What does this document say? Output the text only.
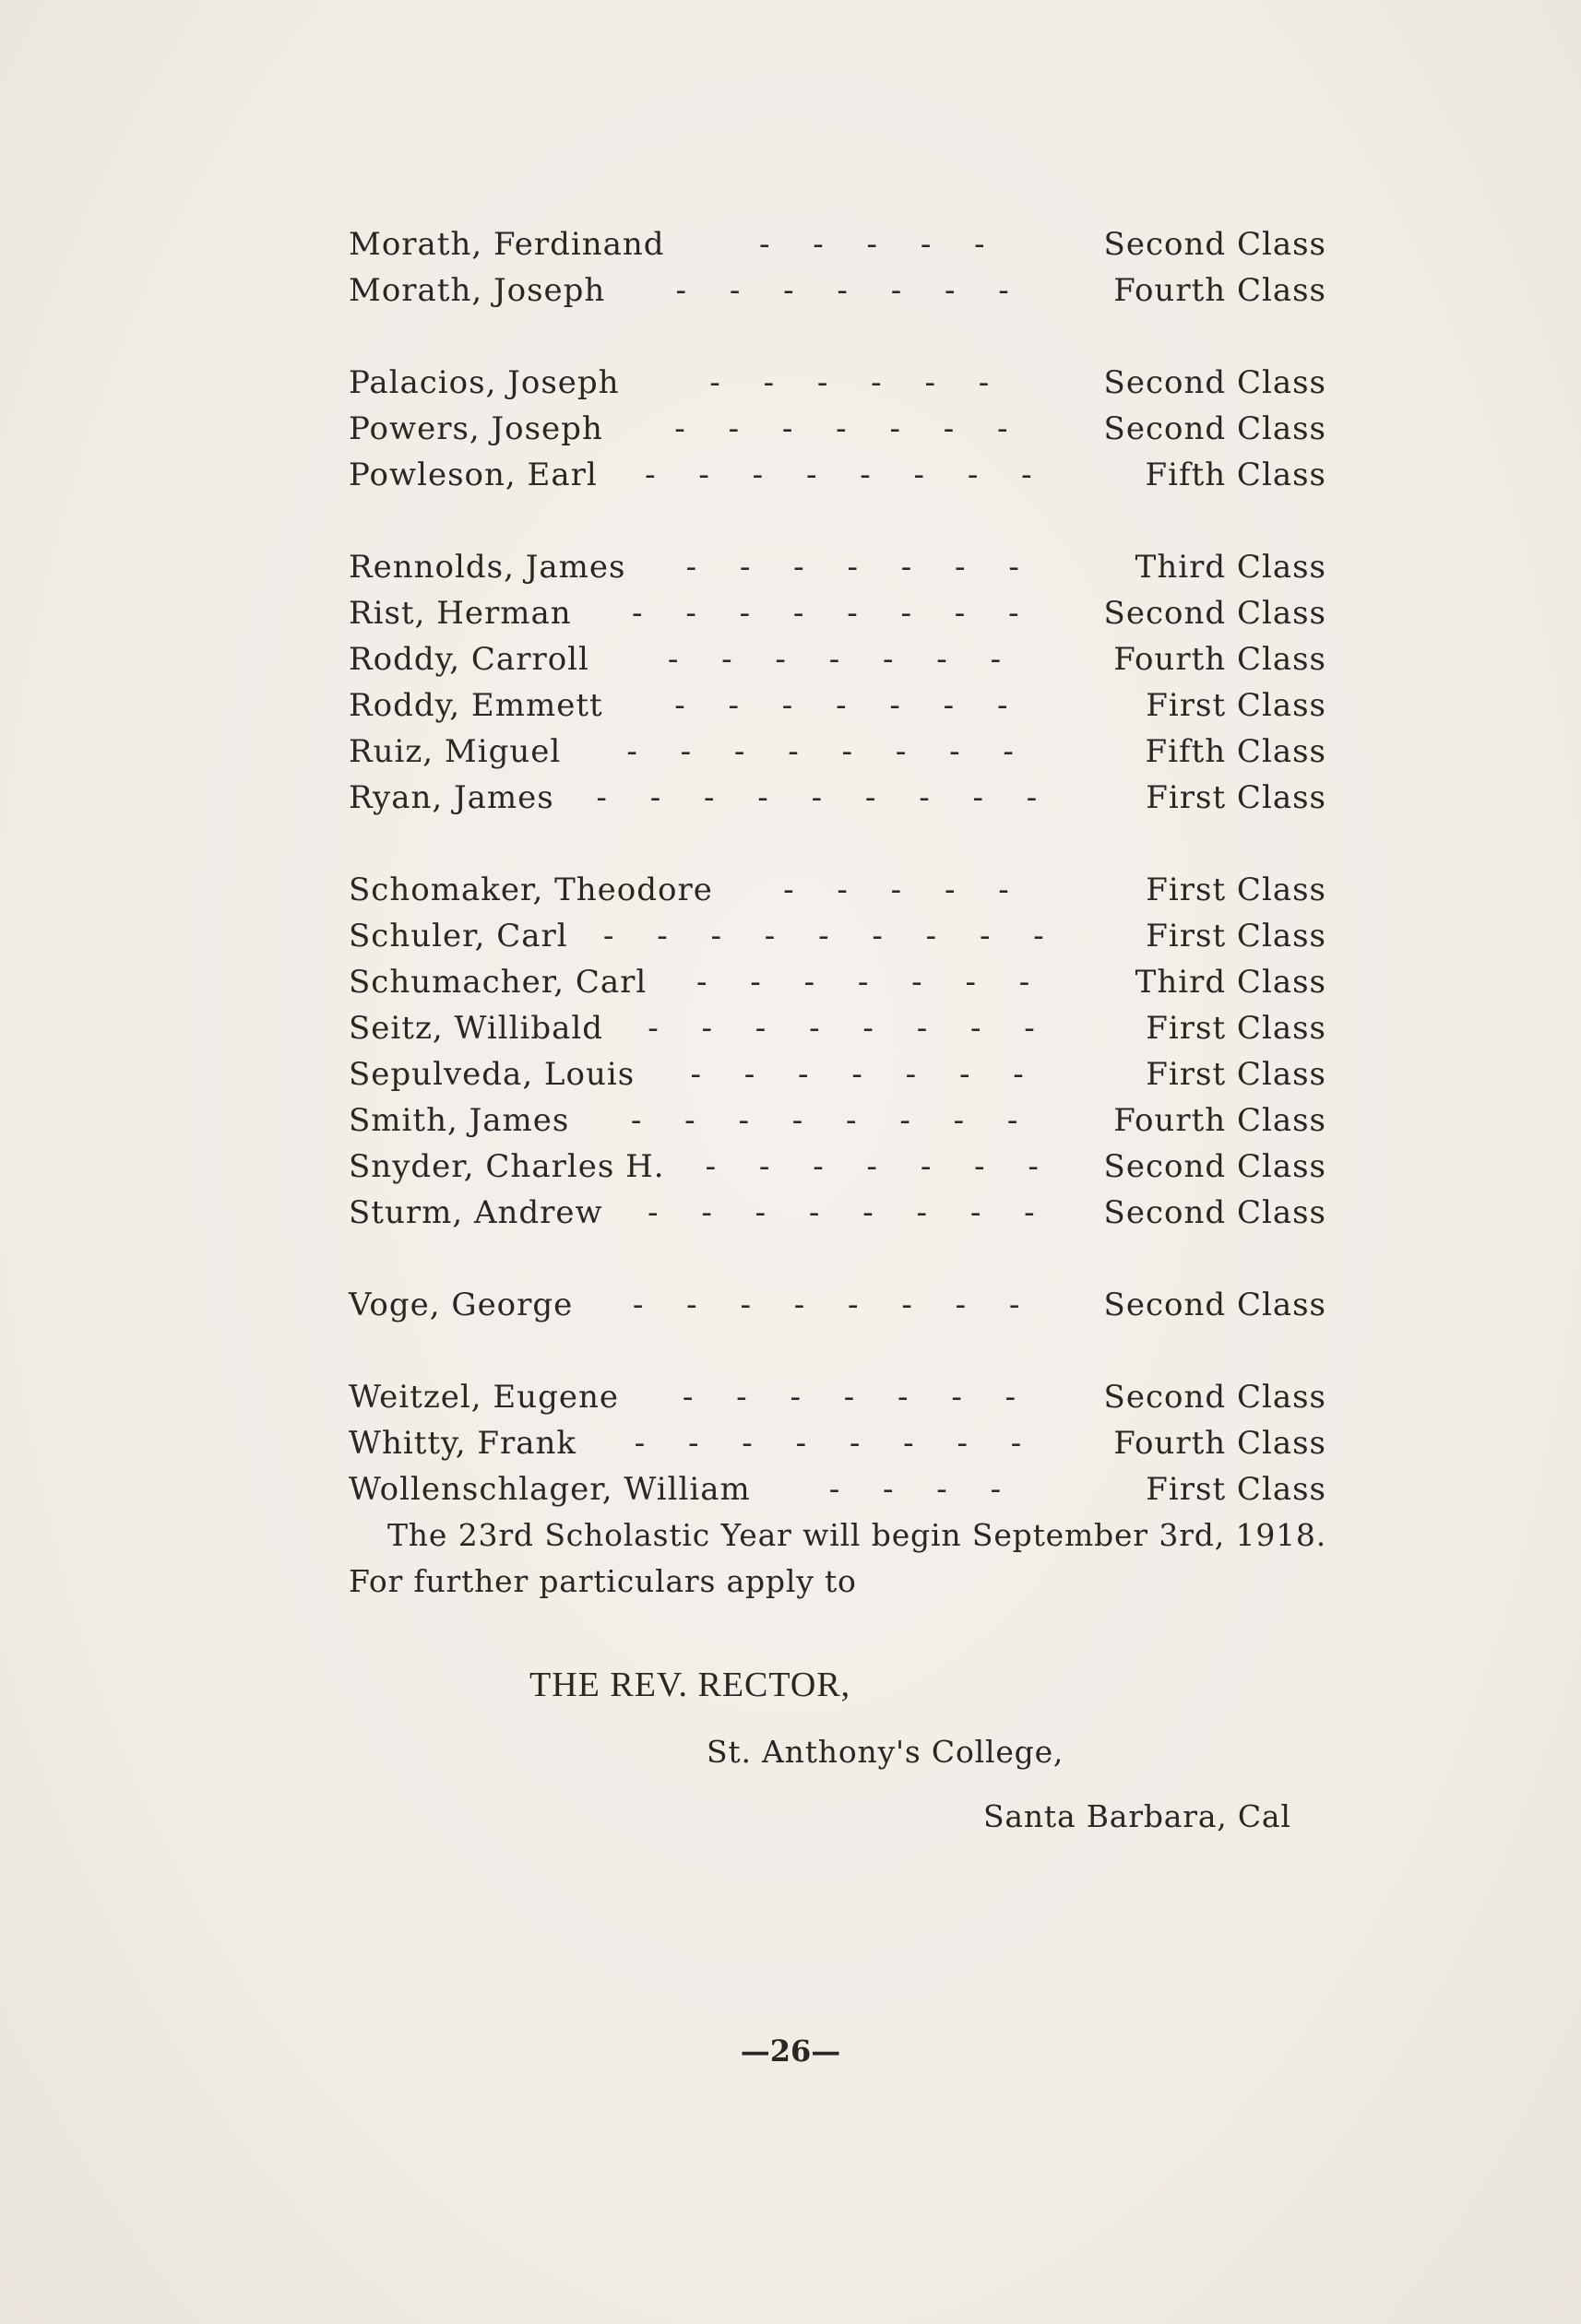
Morath, Ferdinand	- - - - -	Second Class
Morath, Joseph	- - - - - - -	Fourth Class
Palacios, Joseph	- - - - - -	Second Class
Powers, Joseph	- - - - - - -	Second Class
Powleson, Earl	- - - - - - - -	Fifth Class
Rennolds, James	- - - - - - -	Third Class
Rist, Herman	- - - - - - - -	Second Class
Roddy, Carroll	- - - - - - -	Fourth Class
Roddy, Emmett	- - - - - - -	First Class
Ruiz, Miguel	- - - - - - - -	Fifth Class
Ryan, James	- - - - - - - - -	First Class
Schomaker, Theodore	- - - - -	First Class
Schuler, Carl	- - - - - - - - -	First Class
Schumacher, Carl	- - - - - - -	Third Class
Seitz, Willibald	- - - - - - - -	First Class
Sepulveda, Louis	- - - - - - -	First Class
Smith, James	- - - - - - - -	Fourth Class
Snyder, Charles H.	- - - - - - -	Second Class
Sturm, Andrew	- - - - - - - -	Second Class
Voge, George	- - - - - - - -	Second Class
Weitzel, Eugene	- - - - - - -	Second Class
Whitty, Frank	- - - - - - - -	Fourth Class
Wollenschlager, William	- - - -	First Class

The 23rd Scholastic Year will begin September 3rd, 1918. For further particulars apply to

THE REV. RECTOR,
St. Anthony's College,
Santa Barbara, Cal
—26—
